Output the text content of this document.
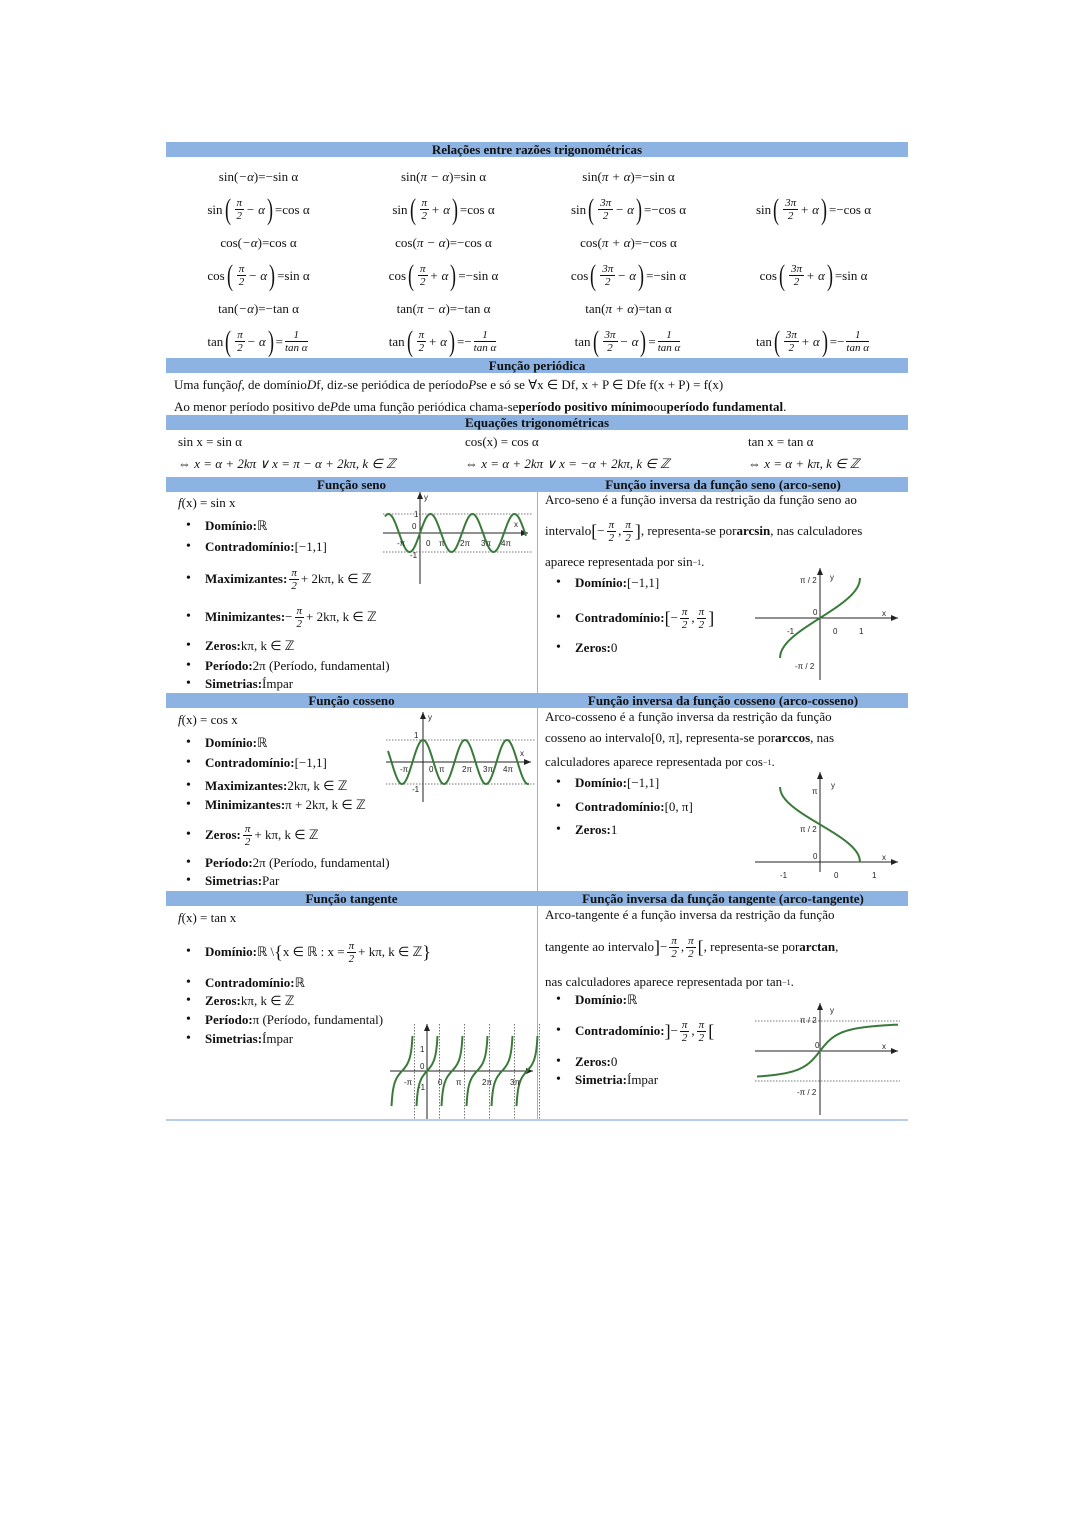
Relações entre razões trigonométricas
sin ( −α ) = −sin α	sin ( π − α ) = sin α	sin ( π + α ) = −sin α
sin ( $\frac{\pi}{2} - \alpha$ ) = cos α	sin ( $\frac{\pi}{2} + \alpha$ ) = cos α	sin ( $\frac{3\pi}{2} - \alpha$ ) = −cos α	sin ( $\frac{3\pi}{2} + \alpha$ ) = −cos α
cos ( −α ) = cos α	cos ( π − α ) = −cos α	cos ( π + α ) = −cos α
cos ( $\frac{\pi}{2} - \alpha$ ) = sin α	cos ( $\frac{\pi}{2} + \alpha$ ) = −sin α	cos ( $\frac{3\pi}{2} - \alpha$ ) = −sin α	cos ( $\frac{3\pi}{2} + \alpha$ ) = sin α
tan ( −α ) = −tan α	tan ( π − α ) = −tan α	tan ( π + α ) = tan α
tan ( $\frac{\pi}{2} - \alpha$ ) = $\frac{1}{\text{tan α}}$	tan ( $\frac{\pi}{2} + \alpha$ ) = − $\frac{1}{\text{tan α}}$	tan ( $\frac{3\pi}{2} - \alpha$ ) = $\frac{1}{\text{tan α}}$	tan ( $\frac{3\pi}{2} + \alpha$ ) = − $\frac{1}{\text{tan α}}$
Função periódica
Uma função f , de domínio D f , diz-se periódica de período P se e só se ∀x ∈ D f , x + P ∈ D f e f(x + P) = f(x)
Ao menor período positivo de P de uma função periódica chama-se período positivo mínimo ou período fundamental .
Equações trigonométricas
sin x = sin α
⇔ x = α + 2kπ ∨ x = π − α + 2kπ, k ∈ ℤ
cos(x) = cos α
⇔ x = α + 2kπ ∨ x = −α + 2kπ, k ∈ ℤ
tan x = tan α
⇔ x = α + kπ, k ∈ ℤ
Função seno
f (x) = sin x
• Domínio: ℝ
• Contradomínio: [−1,1]
• Maximizantes: $\frac{\pi}{2} + 2k\pi$, k ∈ ℤ
• Minimizantes: − $\frac{\pi}{2} + 2k\pi$, k ∈ ℤ
• Zeros: kπ, k ∈ ℤ
• Período: 2π (Período, fundamental)
• Simetrias: Ímpar
Função inversa da função seno (arco-seno)
Arco-seno é a função inversa da restrição da função seno ao
intervalo [ − $\frac{\pi}{2}$ , $\frac{\pi}{2}$ ] , representa-se por arcsin , nas calculadores
aparece representada por sin −1 .
• Domínio: [−1,1]
• Contradomínio: [ − $\frac{\pi}{2}$ , $\frac{\pi}{2}$ ]
• Zeros: 0
Função cosseno
f (x) = cos x
• Domínio: ℝ
• Contradomínio: [−1,1]
• Maximizantes: 2kπ, k ∈ ℤ
• Minimizantes: π + 2kπ, k ∈ ℤ
• Zeros: $\frac{\pi}{2} + k\pi$, k ∈ ℤ
• Período: 2π (Período, fundamental)
• Simetrias: Par
Função inversa da função cosseno (arco-cosseno)
Arco-cosseno é a função inversa da restrição da função
cosseno ao intervalo [0, π] , representa-se por arccos , nas
calculadores aparece representada por cos −1 .
• Domínio: [−1,1]
• Contradomínio: [0, π]
• Zeros: 1
Função tangente
f (x) = tan x
• Domínio: ℝ \ { x ∈ ℝ : $x = \frac{\pi}{2} + k\pi$, k ∈ ℤ }
• Contradomínio: ℝ
• Zeros: kπ, k ∈ ℤ
• Período: π (Período, fundamental)
• Simetrias: Ímpar
Função inversa da função tangente (arco-tangente)
Arco-tangente é a função inversa da restrição da função
tangente ao intervalo ] − $\frac{\pi}{2}$ , $\frac{\pi}{2}$ [ , representa-se por arctan ,
nas calculadores aparece representada por tan −1 .
• Domínio: ℝ
• Contradomínio: ] − $\frac{\pi}{2}$ , $\frac{\pi}{2}$ [
• Zeros: 0
• Simetria: Ímpar
1
0
-1
x
y
-π	0 π 2π 3π 4π
1
-1
x
y
-π	0 π 2π 3π 4π
1
0
-1
-π	0 π	2π 3π
π / 2 y
0	x
-1	0	1
-π / 2
π
y
π / 2
0	x
-1	0	1
π / 2
y
0	x
-π / 2
